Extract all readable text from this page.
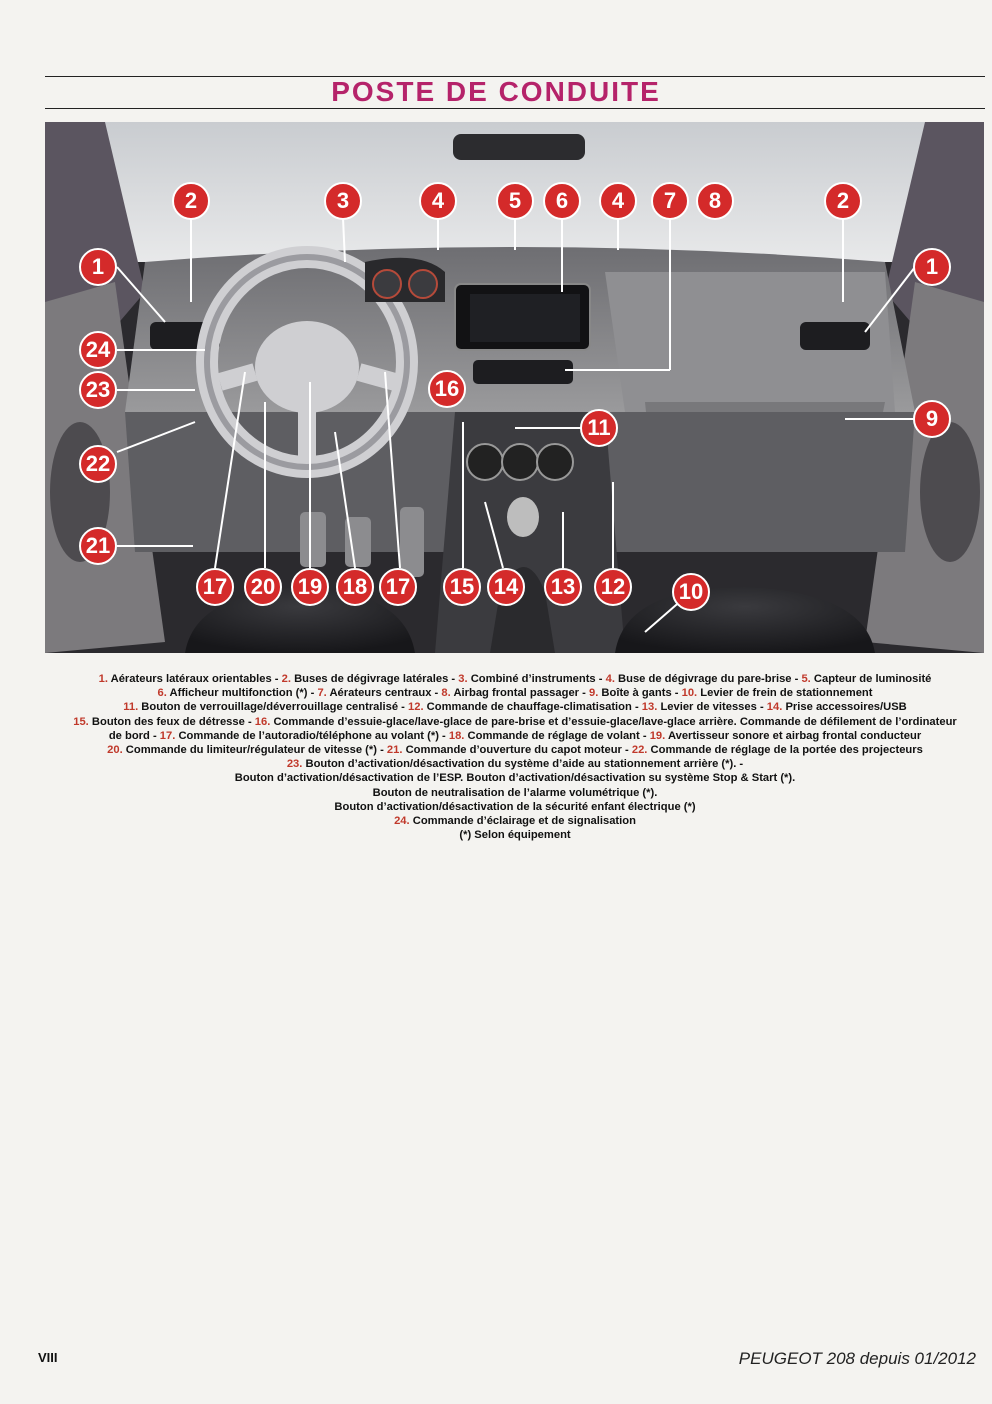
POSTE DE CONDUITE
1
2	3	4	5	6	4	7	8	2
1
24
16
23
9
11
22
21
17	20	19 18 17	15 14	13	12	10
1. Aérateurs latéraux orientables - 2. Buses de dégivrage latérales - 3. Combiné d’instruments - 4. Buse de dégivrage du pare-brise - 5. Capteur de luminosité
6. Afficheur multifonction (*) - 7. Aérateurs centraux - 8. Airbag frontal passager - 9. Boîte à gants - 10. Levier de frein de stationnement
11. Bouton de verrouillage/déverrouillage centralisé - 12. Commande de chauffage-climatisation - 13. Levier de vitesses - 14. Prise accessoires/USB
15. Bouton des feux de détresse - 16. Commande d’essuie-glace/lave-glace de pare-brise et d’essuie-glace/lave-glace arrière. Commande de défilement de l’ordinateur
de bord - 17. Commande de l’autoradio/téléphone au volant (*) - 18. Commande de réglage de volant - 19. Avertisseur sonore et airbag frontal conducteur
20. Commande du limiteur/régulateur de vitesse (*) - 21. Commande d’ouverture du capot moteur - 22. Commande de réglage de la portée des projecteurs
23. Bouton d’activation/désactivation du système d’aide au stationnement arrière (*). -
Bouton d’activation/désactivation de l’ESP. Bouton d’activation/désactivation su système Stop & Start (*).
Bouton de neutralisation de l’alarme volumétrique (*).
Bouton d’activation/désactivation de la sécurité enfant électrique (*)
24. Commande d’éclairage et de signalisation
(*) Selon équipement
VIII	PEUGEOT 208 depuis 01/2012
